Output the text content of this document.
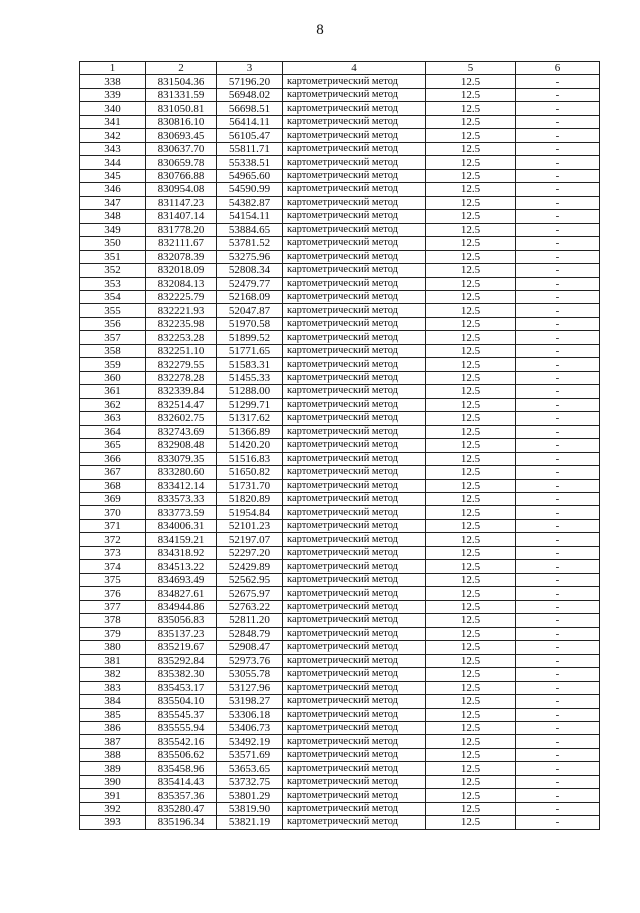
8
1	2	3	4	5	6
338	831504.36	57196.20	картометрический метод	12.5	-
339	831331.59	56948.02	картометрический метод	12.5	-
340	831050.81	56698.51	картометрический метод	12.5	-
341	830816.10	56414.11	картометрический метод	12.5	-
342	830693.45	56105.47	картометрический метод	12.5	-
343	830637.70	55811.71	картометрический метод	12.5	-
344	830659.78	55338.51	картометрический метод	12.5	-
345	830766.88	54965.60	картометрический метод	12.5	-
346	830954.08	54590.99	картометрический метод	12.5	-
347	831147.23	54382.87	картометрический метод	12.5	-
348	831407.14	54154.11	картометрический метод	12.5	-
349	831778.20	53884.65	картометрический метод	12.5	-
350	832111.67	53781.52	картометрический метод	12.5	-
351	832078.39	53275.96	картометрический метод	12.5	-
352	832018.09	52808.34	картометрический метод	12.5	-
353	832084.13	52479.77	картометрический метод	12.5	-
354	832225.79	52168.09	картометрический метод	12.5	-
355	832221.93	52047.87	картометрический метод	12.5	-
356	832235.98	51970.58	картометрический метод	12.5	-
357	832253.28	51899.52	картометрический метод	12.5	-
358	832251.10	51771.65	картометрический метод	12.5	-
359	832279.55	51583.31	картометрический метод	12.5	-
360	832278.28	51455.33	картометрический метод	12.5	-
361	832339.84	51288.00	картометрический метод	12.5	-
362	832514.47	51299.71	картометрический метод	12.5	-
363	832602.75	51317.62	картометрический метод	12.5	-
364	832743.69	51366.89	картометрический метод	12.5	-
365	832908.48	51420.20	картометрический метод	12.5	-
366	833079.35	51516.83	картометрический метод	12.5	-
367	833280.60	51650.82	картометрический метод	12.5	-
368	833412.14	51731.70	картометрический метод	12.5	-
369	833573.33	51820.89	картометрический метод	12.5	-
370	833773.59	51954.84	картометрический метод	12.5	-
371	834006.31	52101.23	картометрический метод	12.5	-
372	834159.21	52197.07	картометрический метод	12.5	-
373	834318.92	52297.20	картометрический метод	12.5	-
374	834513.22	52429.89	картометрический метод	12.5	-
375	834693.49	52562.95	картометрический метод	12.5	-
376	834827.61	52675.97	картометрический метод	12.5	-
377	834944.86	52763.22	картометрический метод	12.5	-
378	835056.83	52811.20	картометрический метод	12.5	-
379	835137.23	52848.79	картометрический метод	12.5	-
380	835219.67	52908.47	картометрический метод	12.5	-
381	835292.84	52973.76	картометрический метод	12.5	-
382	835382.30	53055.78	картометрический метод	12.5	-
383	835453.17	53127.96	картометрический метод	12.5	-
384	835504.10	53198.27	картометрический метод	12.5	-
385	835545.37	53306.18	картометрический метод	12.5	-
386	835555.94	53406.73	картометрический метод	12.5	-
387	835542.16	53492.19	картометрический метод	12.5	-
388	835506.62	53571.69	картометрический метод	12.5	-
389	835458.96	53653.65	картометрический метод	12.5	-
390	835414.43	53732.75	картометрический метод	12.5	-
391	835357.36	53801.29	картометрический метод	12.5	-
392	835280.47	53819.90	картометрический метод	12.5	-
393	835196.34	53821.19	картометрический метод	12.5	-
